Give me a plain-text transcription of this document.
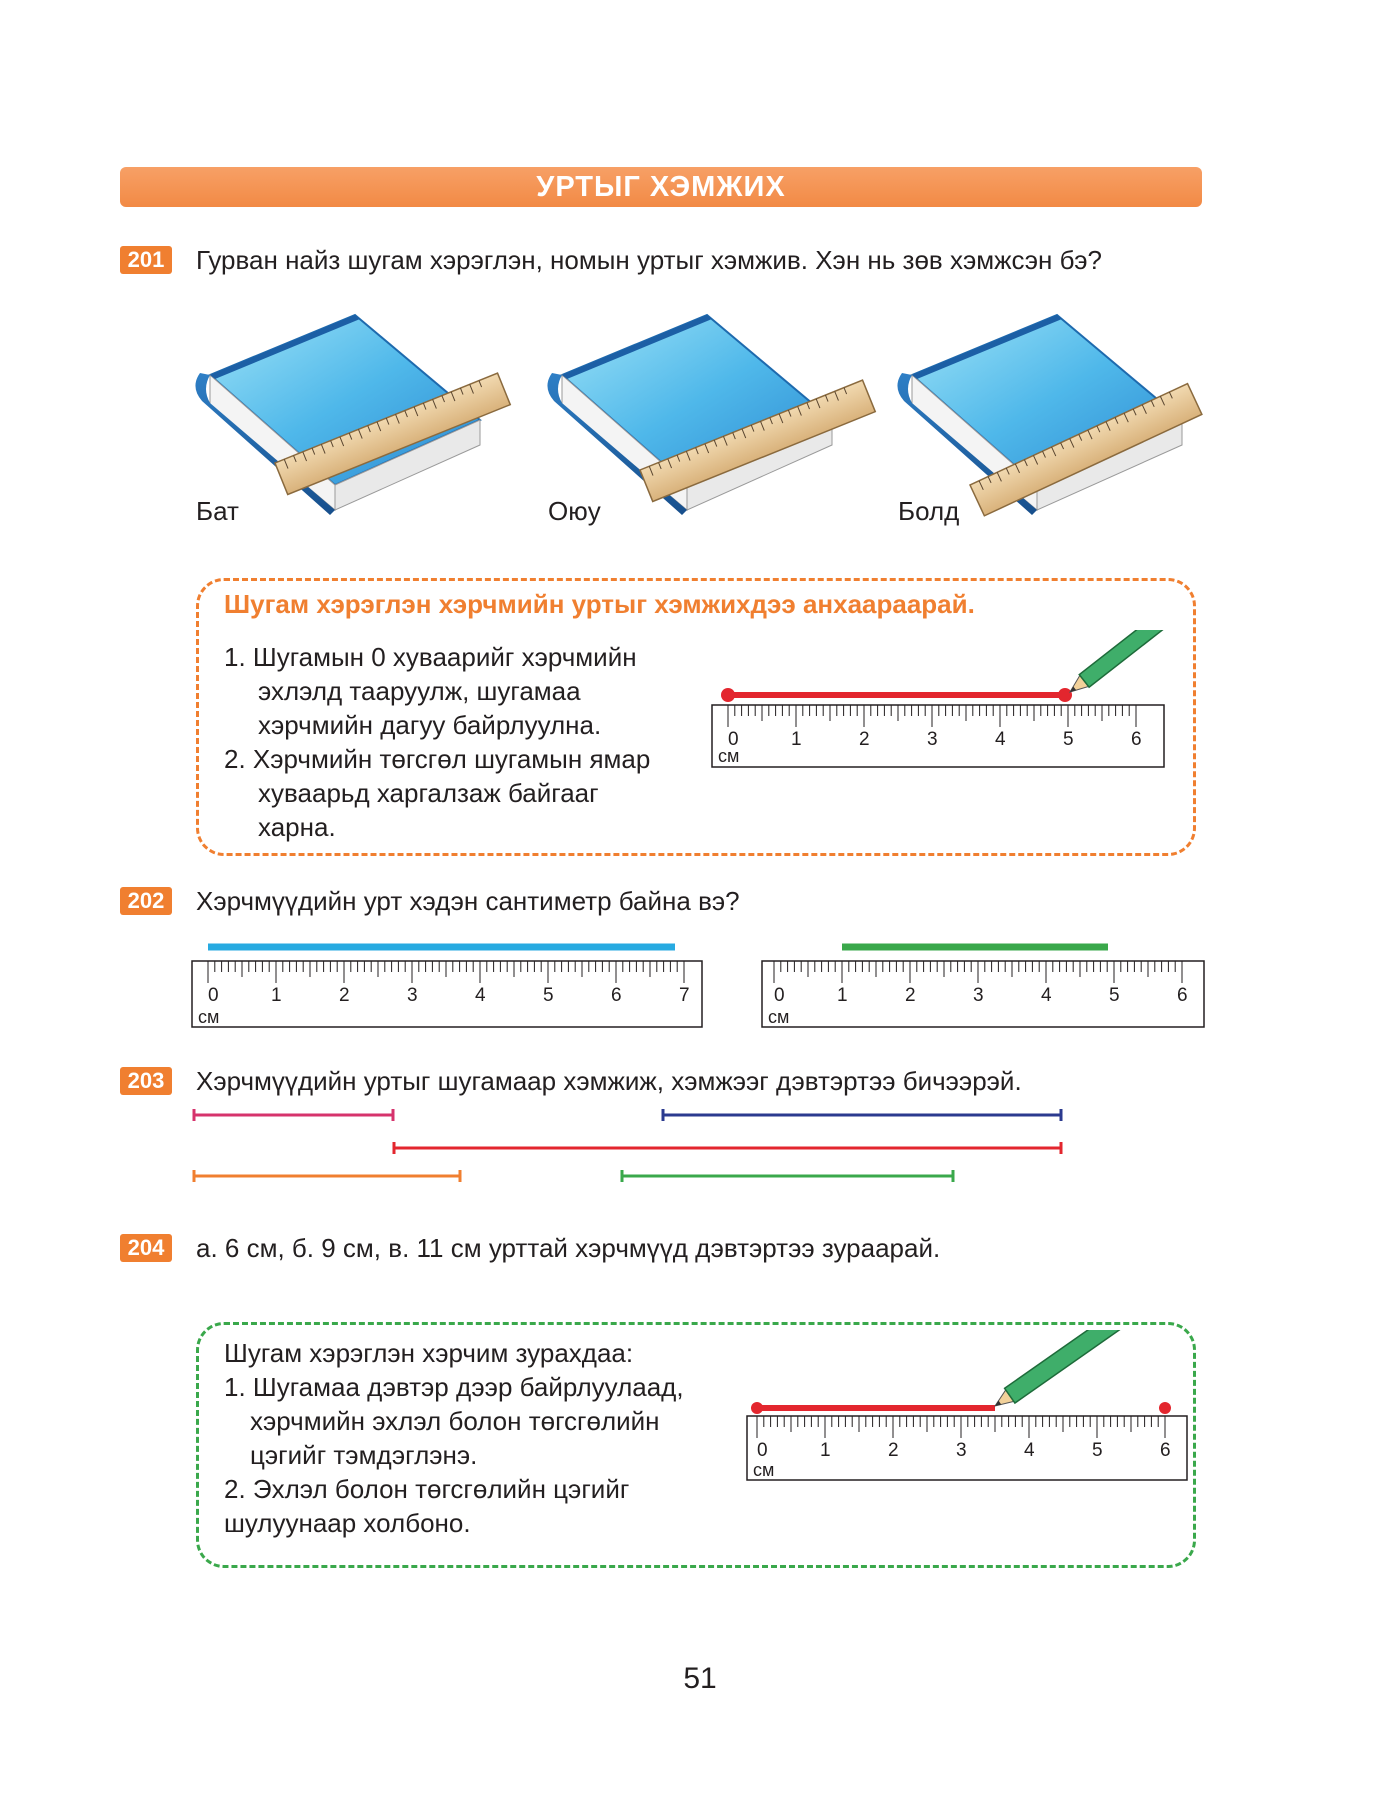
УРТЫГ ХЭМЖИХ
201 Гурван найз шугам хэрэглэн, номын уртыг хэмжив. Хэн нь зөв хэмжсэн бэ?
Бат	Оюу	Болд
Шугам хэрэглэн хэрчмийн уртыг хэмжихдээ анхаараарай.
1. Шугамын 0 хуваарийг хэрчмийн
эхлэлд тааруулж, шугамаа
хэрчмийн дагуу байрлуулна.
2. Хэрчмийн төгсгөл шугамын ямар
хуваарьд харгалзаж байгааг
харна.
0	1	2	3	4	5	6
см
202 Хэрчмүүдийн урт хэдэн сантиметр байна вэ?
0	1	2	3	4	5	6	7
см
0	1	2	3	4	5	6
см
203 Хэрчмүүдийн уртыг шугамаар хэмжиж, хэмжээг дэвтэртээ бичээрэй.
204 а. 6 см, б. 9 см, в. 11 см урттай хэрчмүүд дэвтэртээ зураарай.
Шугам хэрэглэн хэрчим зурахдаа:
1. Шугамаа дэвтэр дээр байрлуулаад,
хэрчмийн эхлэл болон төгсгөлийн
цэгийг тэмдэглэнэ.
2. Эхлэл болон төгсгөлийн цэгийг
шулуунаар холбоно.
0	1	2	3	4	5	6
см
51
